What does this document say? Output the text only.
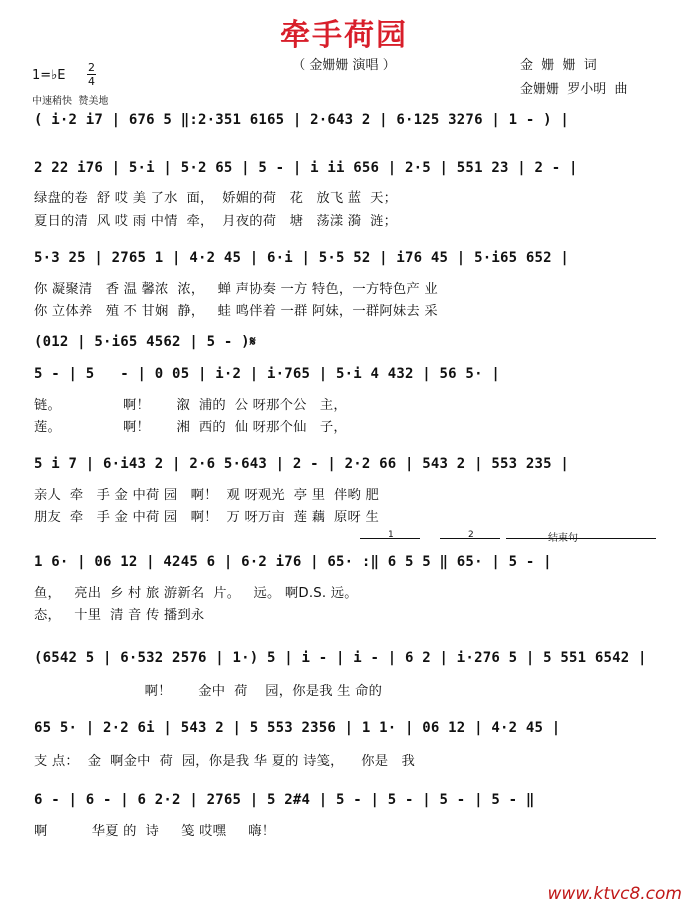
牵手荷园
（ 金姗姗 演唱 ）	金  姗  姗  词
金姗姗  罗小明  曲
1=♭E
2
4
中速稍快  赞美地
( i·2 i7 | 676 5 ‖:2·351 6165 | 2·643 2 | 6·125 3276 | 1 - ) |
2 22 i76 | 5·i | 5·2 65 | 5 - | i ii 656 | 2·5 | 551 23 | 2 - |
绿盘的卷  舒 哎 美 了水  面，  娇媚的荷   花   放飞 蓝  天；
夏日的清  风 哎 雨 中情  牵，  月夜的荷   塘   荡漾 漪  涟；
5·3 25 | 2765 1 | 4·2 45 | 6·i | 5·5 52 | i76 45 | 5·i65 652 |
你 凝聚清   香 温 馨浓  浓，   蝉 声协奏 一方 特色，一方特色产 业
你 立体养   殖 不 甘娴  静，   蛙 鸣伴着 一群 阿妹，一群阿妹去 采
(012 | 5·i65 4562 | 5 - )𝄋
5 - | 5   - | 0 05 | i·2 | i·765 | 5·i 4 432 | 56 5· |
链。              啊！      溆  浦的  公 呀那个公   主，
莲。              啊！      湘  西的  仙 呀那个仙   子，
5 i 7 | 6·i43 2 | 2·6 5·643 | 2 - | 2·2 66 | 543 2 | 553 235 |
亲人  牵   手 金 中荷 园   啊！  观 呀观光  亭 里  伴哟 肥
朋友  牵   手 金 中荷 园   啊！  万 呀万亩  莲 藕  原呀 生
1	2	结束句
1 6· | 06 12 | 4245 6 | 6·2 i76 | 65· :‖ 6 5 5 ‖ 65· | 5 - |
鱼，   亮出  乡 村 旅 游新名  片。   远。 啊D.S. 远。
态，   十里  清 音 传 播到永
(6542 5 | 6·532 2576 | 1·) 5 | i - | i - | 6 2 | i·276 5 | 5 551 6542 |
啊！      金中  荷    园，你是我 生 命的
65 5· | 2·2 6i | 543 2 | 5 553 2356 | 1 1· | 06 12 | 4·2 45 |
支 点：  金  啊金中  荷  园，你是我 华 夏的 诗笺，    你是   我
6 - | 6 - | 6 2·2 | 2765 | 5 2#4 | 5 - | 5 - | 5 - | 5 - ‖
啊          华夏 的  诗     笺 哎嘿     嗨！
www.ktvc8.com
